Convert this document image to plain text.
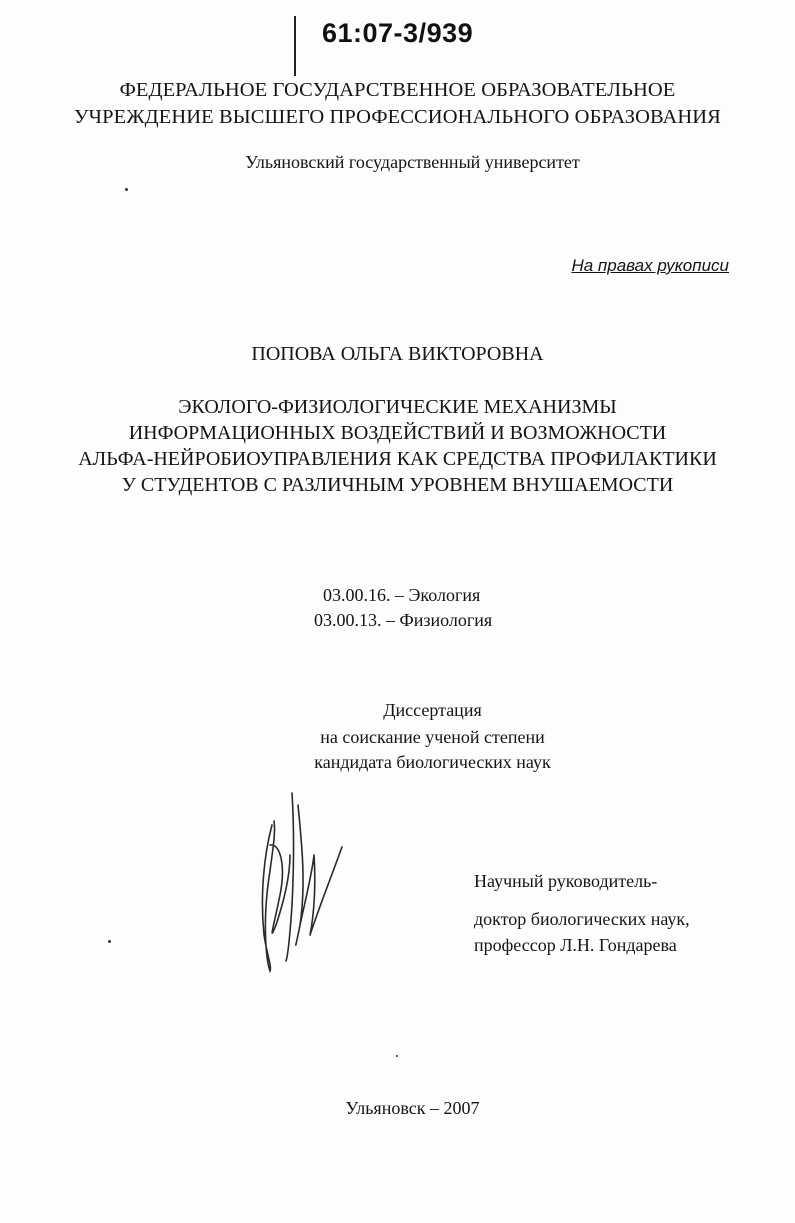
61:07-3/939
ФЕДЕРАЛЬНОЕ ГОСУДАРСТВЕННОЕ ОБРАЗОВАТЕЛЬНОЕ
УЧРЕЖДЕНИЕ ВЫСШЕГО ПРОФЕССИОНАЛЬНОГО ОБРАЗОВАНИЯ
Ульяновский государственный университет
На правах рукописи
ПОПОВА ОЛЬГА ВИКТОРОВНА
ЭКОЛОГО-ФИЗИОЛОГИЧЕСКИЕ МЕХАНИЗМЫ
ИНФОРМАЦИОННЫХ ВОЗДЕЙСТВИЙ И ВОЗМОЖНОСТИ
АЛЬФА-НЕЙРОБИОУПРАВЛЕНИЯ КАК СРЕДСТВА ПРОФИЛАКТИКИ
У СТУДЕНТОВ С РАЗЛИЧНЫМ УРОВНЕМ ВНУШАЕМОСТИ
03.00.16. – Экология
03.00.13. – Физиология
Диссертация
на соискание ученой степени
кандидата биологических наук
Научный руководитель-
доктор биологических наук,
профессор Л.Н. Гондарева
Ульяновск – 2007
